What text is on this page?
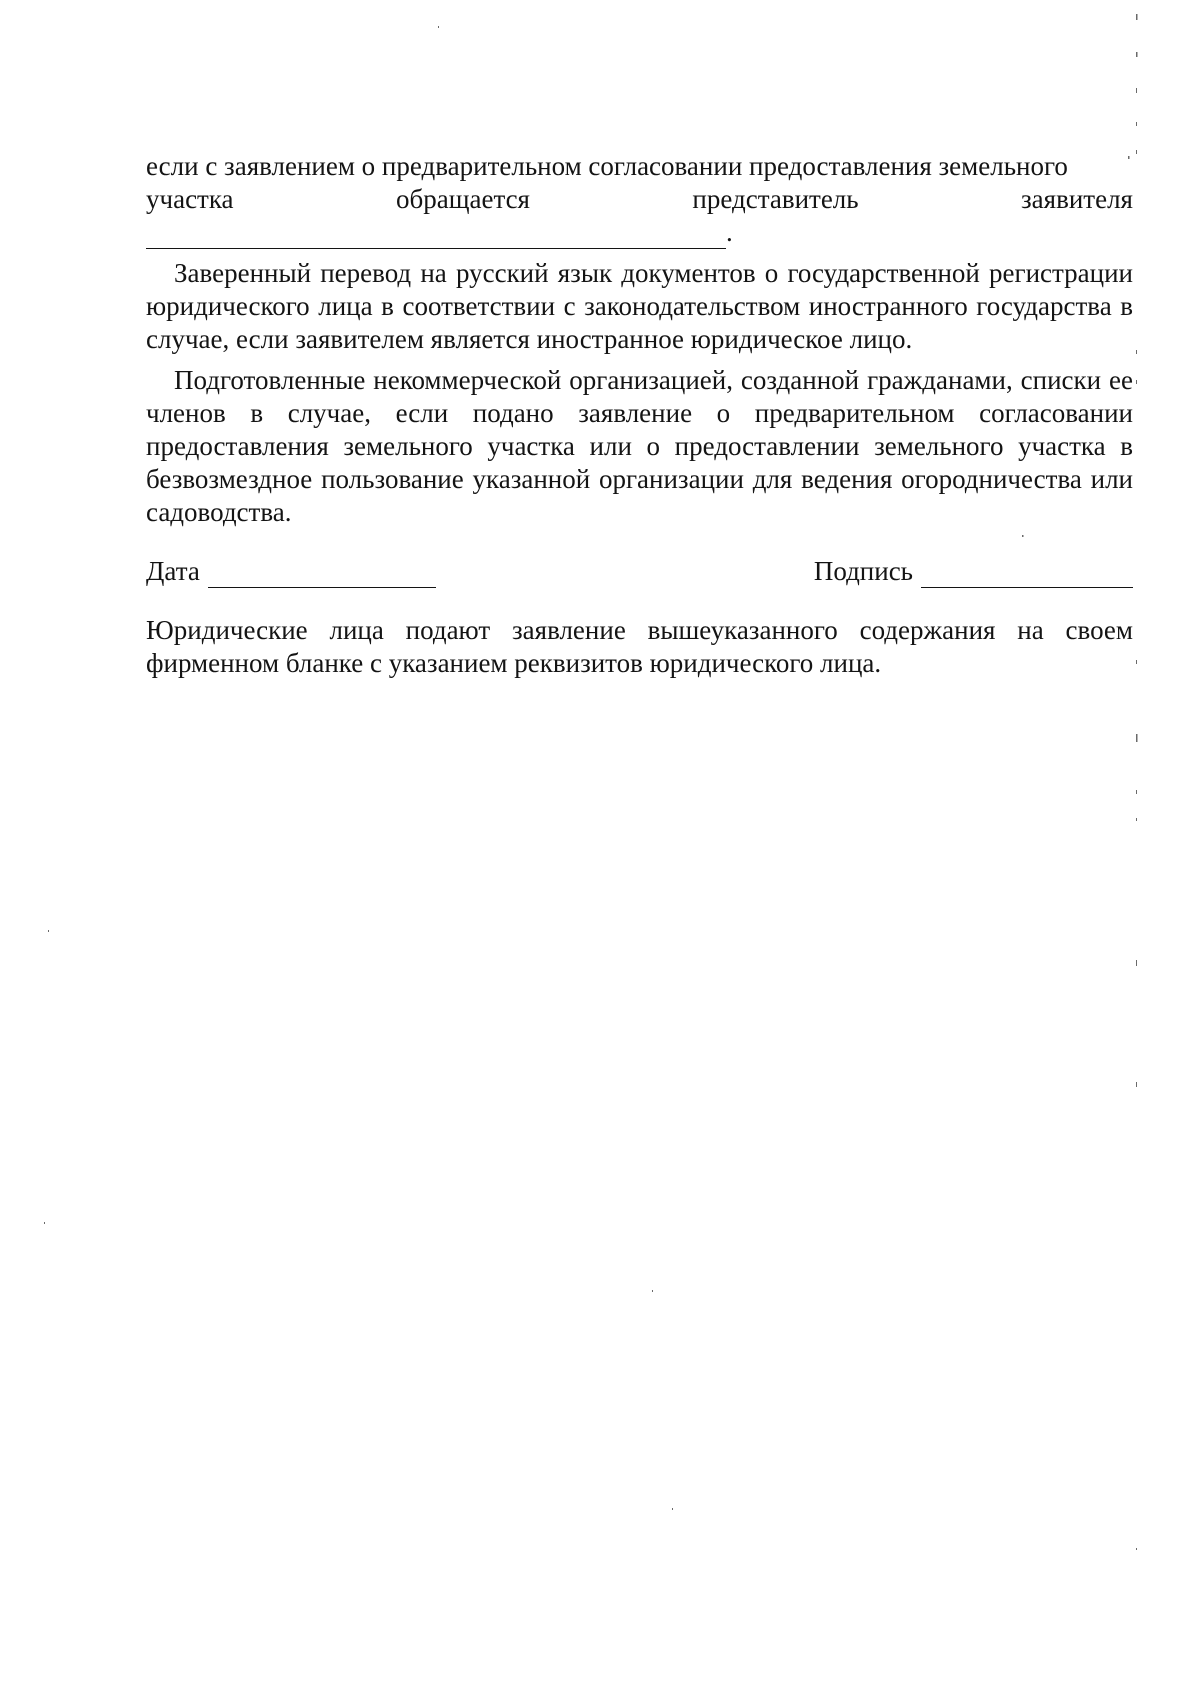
если с заявлением о предварительном согласовании предоставления земельного

участка	обращается	представитель	заявителя
.

Заверенный перевод на русский язык документов о государственной регистрации юридического лица в соответствии с законодательством иностранного государства в случае, если заявителем является иностранное юридическое лицо.

Подготовленные некоммерческой организацией, созданной гражданами, списки ее членов в случае, если подано заявление о предварительном согласовании предоставления земельного участка или о предоставлении земельного участка в безвозмездное пользование указанной организации для ведения огородничества или садоводства.

Дата	Подпись

Юридические лица подают заявление вышеуказанного содержания на своем фирменном бланке с указанием реквизитов юридического лица.
